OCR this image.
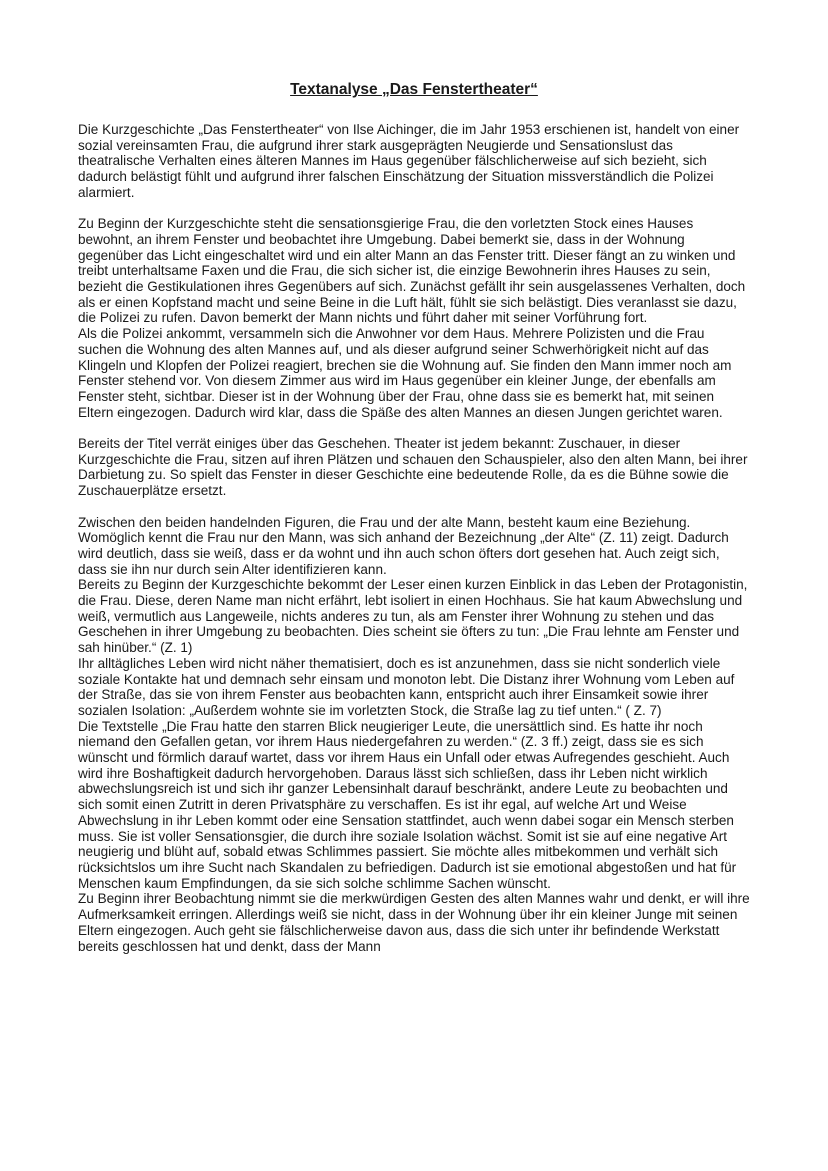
Textanalyse „Das Fenstertheater“

Die Kurzgeschichte „Das Fenstertheater“ von Ilse Aichinger, die im Jahr 1953 erschienen ist, handelt von einer sozial vereinsamten Frau, die aufgrund ihrer stark ausgeprägten Neugierde und Sensationslust das theatralische Verhalten eines älteren Mannes im Haus gegenüber fälschlicherweise auf sich bezieht, sich dadurch belästigt fühlt und aufgrund ihrer falschen Einschätzung der Situation missverständlich die Polizei alarmiert.

Zu Beginn der Kurzgeschichte steht die sensationsgierige Frau, die den vorletzten Stock eines Hauses bewohnt, an ihrem Fenster und beobachtet ihre Umgebung. Dabei bemerkt sie, dass in der Wohnung gegenüber das Licht eingeschaltet wird und ein alter Mann an das Fenster tritt. Dieser fängt an zu winken und treibt unterhaltsame Faxen und die Frau, die sich sicher ist, die einzige Bewohnerin ihres Hauses zu sein, bezieht die Gestikulationen ihres Gegenübers auf sich. Zunächst gefällt ihr sein ausgelassenes Verhalten, doch als er einen Kopfstand macht und seine Beine in die Luft hält, fühlt sie sich belästigt. Dies veranlasst sie dazu, die Polizei zu rufen. Davon bemerkt der Mann nichts und führt daher mit seiner Vorführung fort.

Als die Polizei ankommt, versammeln sich die Anwohner vor dem Haus. Mehrere Polizisten und die Frau suchen die Wohnung des alten Mannes auf, und als dieser aufgrund seiner Schwerhörigkeit nicht auf das Klingeln und Klopfen der Polizei reagiert, brechen sie die Wohnung auf. Sie finden den Mann immer noch am Fenster stehend vor. Von diesem Zimmer aus wird im Haus gegenüber ein kleiner Junge, der ebenfalls am Fenster steht, sichtbar. Dieser ist in der Wohnung über der Frau, ohne dass sie es bemerkt hat, mit seinen Eltern eingezogen. Dadurch wird klar, dass die Späße des alten Mannes an diesen Jungen gerichtet waren.

Bereits der Titel verrät einiges über das Geschehen. Theater ist jedem bekannt: Zuschauer, in dieser Kurzgeschichte die Frau, sitzen auf ihren Plätzen und schauen den Schauspieler, also den alten Mann, bei ihrer Darbietung zu. So spielt das Fenster in dieser Geschichte eine bedeutende Rolle, da es die Bühne sowie die Zuschauerplätze ersetzt.

Zwischen den beiden handelnden Figuren, die Frau und der alte Mann, besteht kaum eine Beziehung. Womöglich kennt die Frau nur den Mann, was sich anhand der Bezeichnung „der Alte“ (Z. 11) zeigt. Dadurch wird deutlich, dass sie weiß, dass er da wohnt und ihn auch schon öfters dort gesehen hat. Auch zeigt sich, dass sie ihn nur durch sein Alter identifizieren kann.

Bereits zu Beginn der Kurzgeschichte bekommt der Leser einen kurzen Einblick in das Leben der Protagonistin, die Frau. Diese, deren Name man nicht erfährt, lebt isoliert in einen Hochhaus. Sie hat kaum Abwechslung und weiß, vermutlich aus Langeweile, nichts anderes zu tun, als am Fenster ihrer Wohnung zu stehen und das Geschehen in ihrer Umgebung zu beobachten. Dies scheint sie öfters zu tun: „Die Frau lehnte am Fenster und sah hinüber.“ (Z. 1)

Ihr alltägliches Leben wird nicht näher thematisiert, doch es ist anzunehmen, dass sie nicht sonderlich viele soziale Kontakte hat und demnach sehr einsam und monoton lebt. Die Distanz ihrer Wohnung vom Leben auf der Straße, das sie von ihrem Fenster aus beobachten kann, entspricht auch ihrer Einsamkeit sowie ihrer sozialen Isolation: „Außerdem wohnte sie im vorletzten Stock, die Straße lag zu tief unten.“ ( Z. 7)

Die Textstelle „Die Frau hatte den starren Blick neugieriger Leute, die unersättlich sind. Es hatte ihr noch niemand den Gefallen getan, vor ihrem Haus niedergefahren zu werden.“ (Z. 3 ff.) zeigt, dass sie es sich wünscht und förmlich darauf wartet, dass vor ihrem Haus ein Unfall oder etwas Aufregendes geschieht. Auch wird ihre Boshaftigkeit dadurch hervorgehoben. Daraus lässt sich schließen, dass ihr Leben nicht wirklich abwechslungsreich ist und sich ihr ganzer Lebensinhalt darauf beschränkt, andere Leute zu beobachten und sich somit einen Zutritt in deren Privatsphäre zu verschaffen. Es ist ihr egal, auf welche Art und Weise Abwechslung in ihr Leben kommt oder eine Sensation stattfindet, auch wenn dabei sogar ein Mensch sterben muss. Sie ist voller Sensationsgier, die durch ihre soziale Isolation wächst. Somit ist sie auf eine negative Art neugierig und blüht auf, sobald etwas Schlimmes passiert. Sie möchte alles mitbekommen und verhält sich rücksichtslos um ihre Sucht nach Skandalen zu befriedigen. Dadurch ist sie emotional abgestoßen und hat für Menschen kaum Empfindungen, da sie sich solche schlimme Sachen wünscht.

Zu Beginn ihrer Beobachtung nimmt sie die merkwürdigen Gesten des alten Mannes wahr und denkt, er will ihre Aufmerksamkeit erringen. Allerdings weiß sie nicht, dass in der Wohnung über ihr ein kleiner Junge mit seinen Eltern eingezogen. Auch geht sie fälschlicherweise davon aus, dass die sich unter ihr befindende Werkstatt bereits geschlossen hat und denkt, dass der Mann
